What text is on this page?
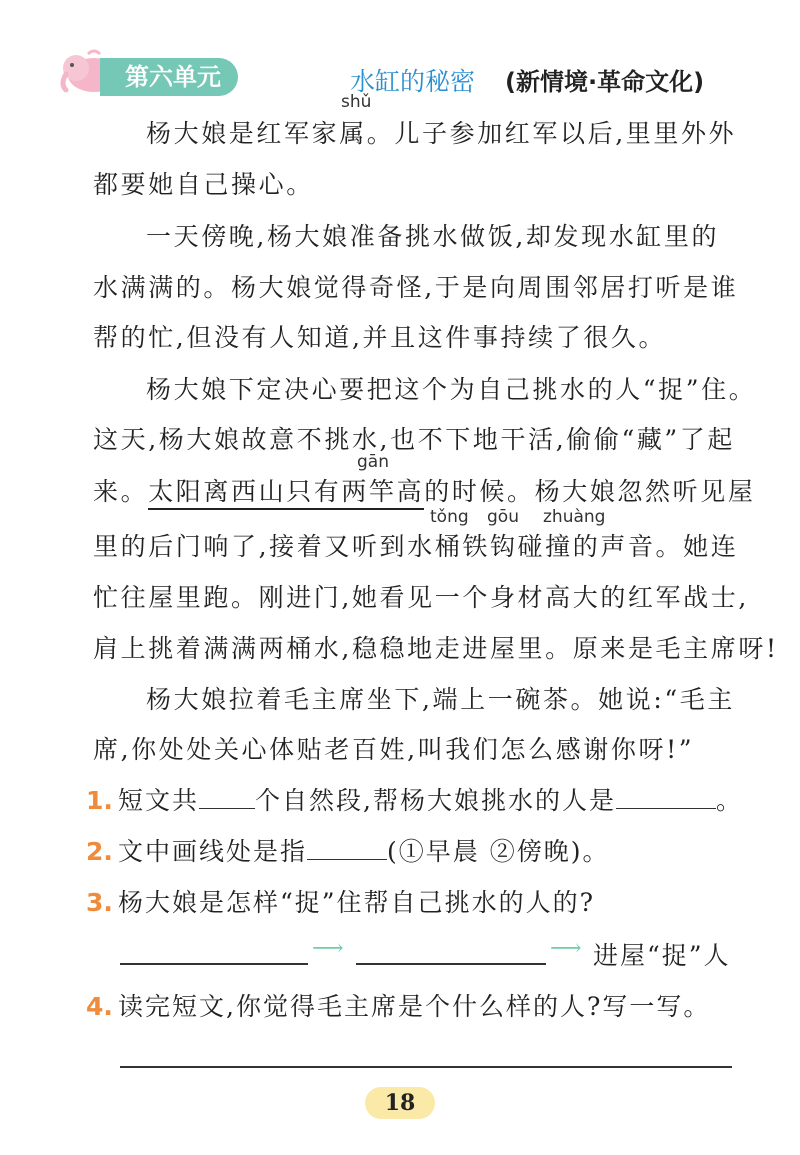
第六单元	水缸的秘密 (新情境·革命文化)
shǔ
杨大娘是红军家属。儿子参加红军以后,里里外外
都要她自己操心。
一天傍晚,杨大娘准备挑水做饭,却发现水缸里的
水满满的。杨大娘觉得奇怪,于是向周围邻居打听是谁
帮的忙,但没有人知道,并且这件事持续了很久。
杨大娘下定决心要把这个为自己挑水的人“捉”住。
这天,杨大娘故意不挑水,也不下地干活,偷偷“藏”了起
gān
来。太阳离西山只有两竿高的时候。杨大娘忽然听见屋
tǒng gōu zhuàng
里的后门响了,接着又听到水桶铁钩碰撞的声音。她连
忙往屋里跑。刚进门,她看见一个身材高大的红军战士,
肩上挑着满满两桶水,稳稳地走进屋里。原来是毛主席呀!
杨大娘拉着毛主席坐下,端上一碗茶。她说:“毛主
席,你处处关心体贴老百姓,叫我们怎么感谢你呀!”
1. 短文共 个自然段,帮杨大娘挑水的人是	。
2. 文中画线处是指	(①早晨 ②傍晚)。
3. 杨大娘是怎样“捉”住帮自己挑水的人的?
⟶	⟶ 进屋“捉”人
4. 读完短文,你觉得毛主席是个什么样的人?写一写。
18
